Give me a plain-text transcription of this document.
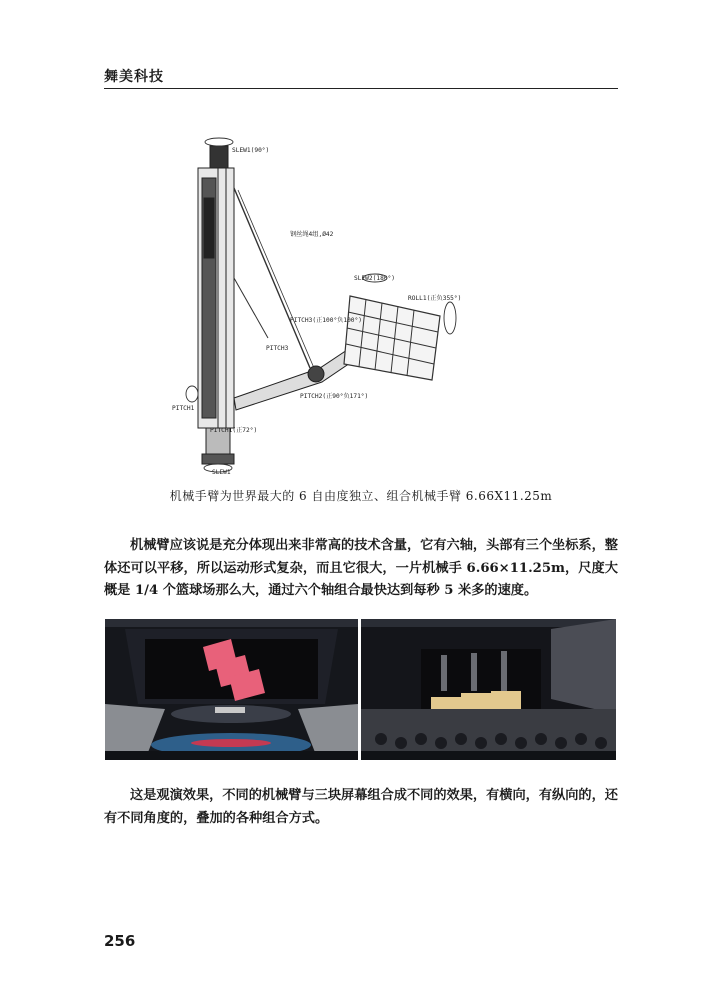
舞美科技
SLEW1(90°)
钢丝绳4组,Ø42
SLEW2(180°)
ROLL1(正负355°)
PITCH3(正100°负100°)
PITCH3
PITCH1
PITCH2(正90°负171°)
PITCH1(正72°)
SLEW1
机械手臂为世界最大的 6 自由度独立、组合机械手臂 6.66X11.25m
机械臂应该说是充分体现出来非常高的技术含量，它有六轴，头部有三个坐标系，整体还可以平移，所以运动形式复杂，而且它很大，一片机械手 6.66×11.25m，尺度大概是 1/4 个篮球场那么大，通过六个轴组合最快达到每秒 5 米多的速度。
这是观演效果，不同的机械臂与三块屏幕组合成不同的效果，有横向，有纵向的，还有不同角度的，叠加的各种组合方式。
256
